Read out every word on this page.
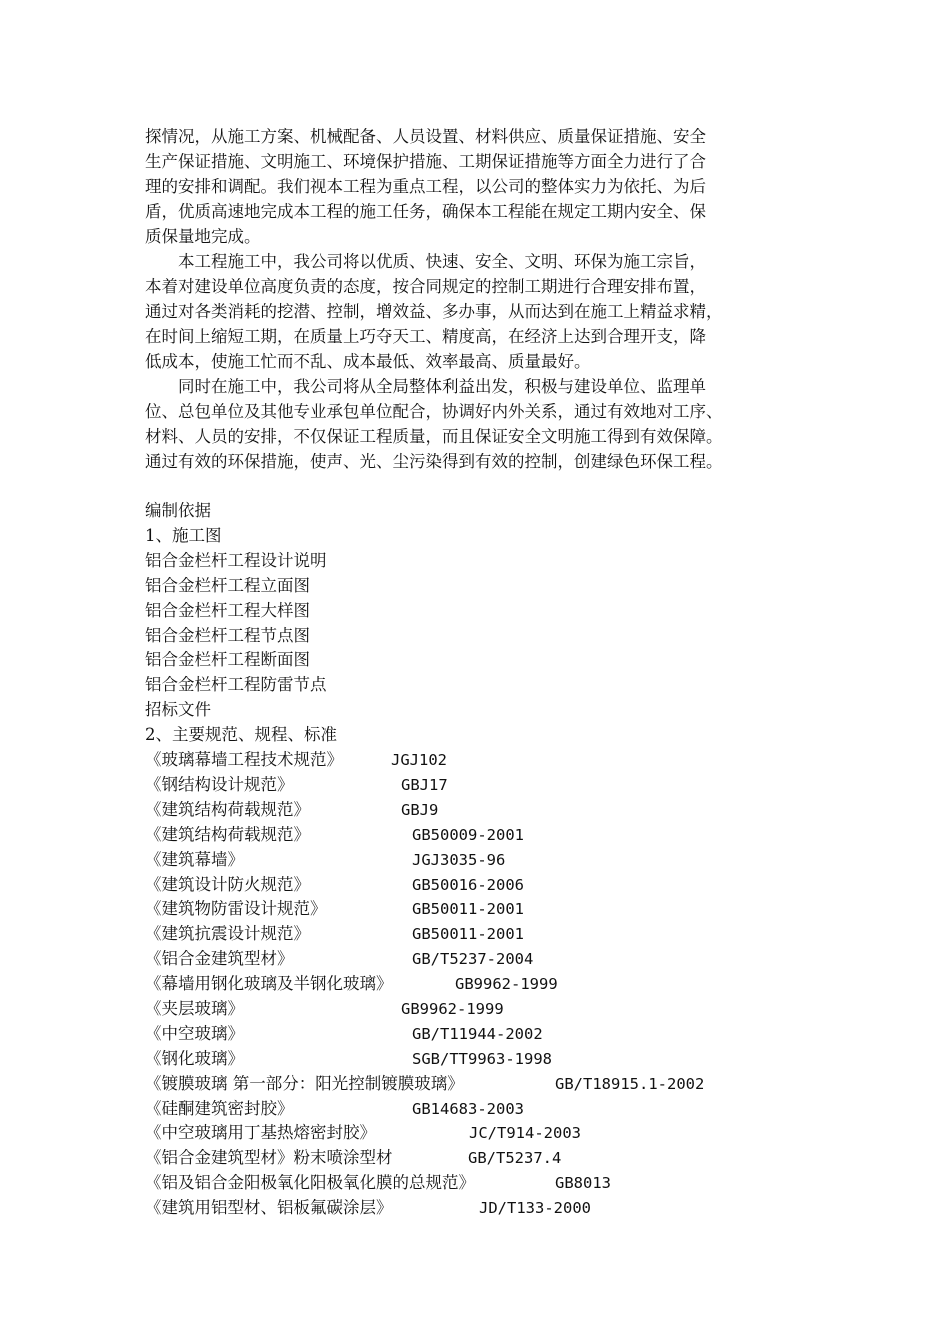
探情况，从施工方案、机械配备、人员设置、材料供应、质量保证措施、安全

生产保证措施、文明施工、环境保护措施、工期保证措施等方面全力进行了合

理的安排和调配。我们视本工程为重点工程，以公司的整体实力为依托、为后

盾，优质高速地完成本工程的施工任务，确保本工程能在规定工期内安全、保

质保量地完成。

本工程施工中，我公司将以优质、快速、安全、文明、环保为施工宗旨，

本着对建设单位高度负责的态度，按合同规定的控制工期进行合理安排布置，

通过对各类消耗的挖潜、控制，增效益、多办事，从而达到在施工上精益求精，

在时间上缩短工期，在质量上巧夺天工、精度高，在经济上达到合理开支，降

低成本，使施工忙而不乱、成本最低、效率最高、质量最好。

同时在施工中，我公司将从全局整体利益出发，积极与建设单位、监理单

位、总包单位及其他专业承包单位配合，协调好内外关系，通过有效地对工序、

材料、人员的安排，不仅保证工程质量，而且保证安全文明施工得到有效保障。

通过有效的环保措施，使声、光、尘污染得到有效的控制，创建绿色环保工程。

编制依据

1、施工图

铝合金栏杆工程设计说明

铝合金栏杆工程立面图

铝合金栏杆工程大样图

铝合金栏杆工程节点图

铝合金栏杆工程断面图

铝合金栏杆工程防雷节点

招标文件

2、主要规范、规程、标准

《玻璃幕墙工程技术规范》	JGJ102
《钢结构设计规范》	GBJ17
《建筑结构荷载规范》	GBJ9
《建筑结构荷载规范》	GB50009-2001
《建筑幕墙》	JGJ3035-96
《建筑设计防火规范》	GB50016-2006
《建筑物防雷设计规范》	GB50011-2001
《建筑抗震设计规范》	GB50011-2001
《铝合金建筑型材》	GB/T5237-2004
《幕墙用钢化玻璃及半钢化玻璃》	GB9962-1999
《夹层玻璃》	GB9962-1999
《中空玻璃》	GB/T11944-2002
《钢化玻璃》	SGB/TT9963-1998
《镀膜玻璃 第一部分：阳光控制镀膜玻璃》	GB/T18915.1-2002
《硅酮建筑密封胶》	GB14683-2003
《中空玻璃用丁基热熔密封胶》	JC/T914-2003
《铝合金建筑型材》粉末喷涂型材	GB/T5237.4
《铝及铝合金阳极氧化阳极氧化膜的总规范》	GB8013
《建筑用铝型材、铝板氟碳涂层》	JD/T133-2000
